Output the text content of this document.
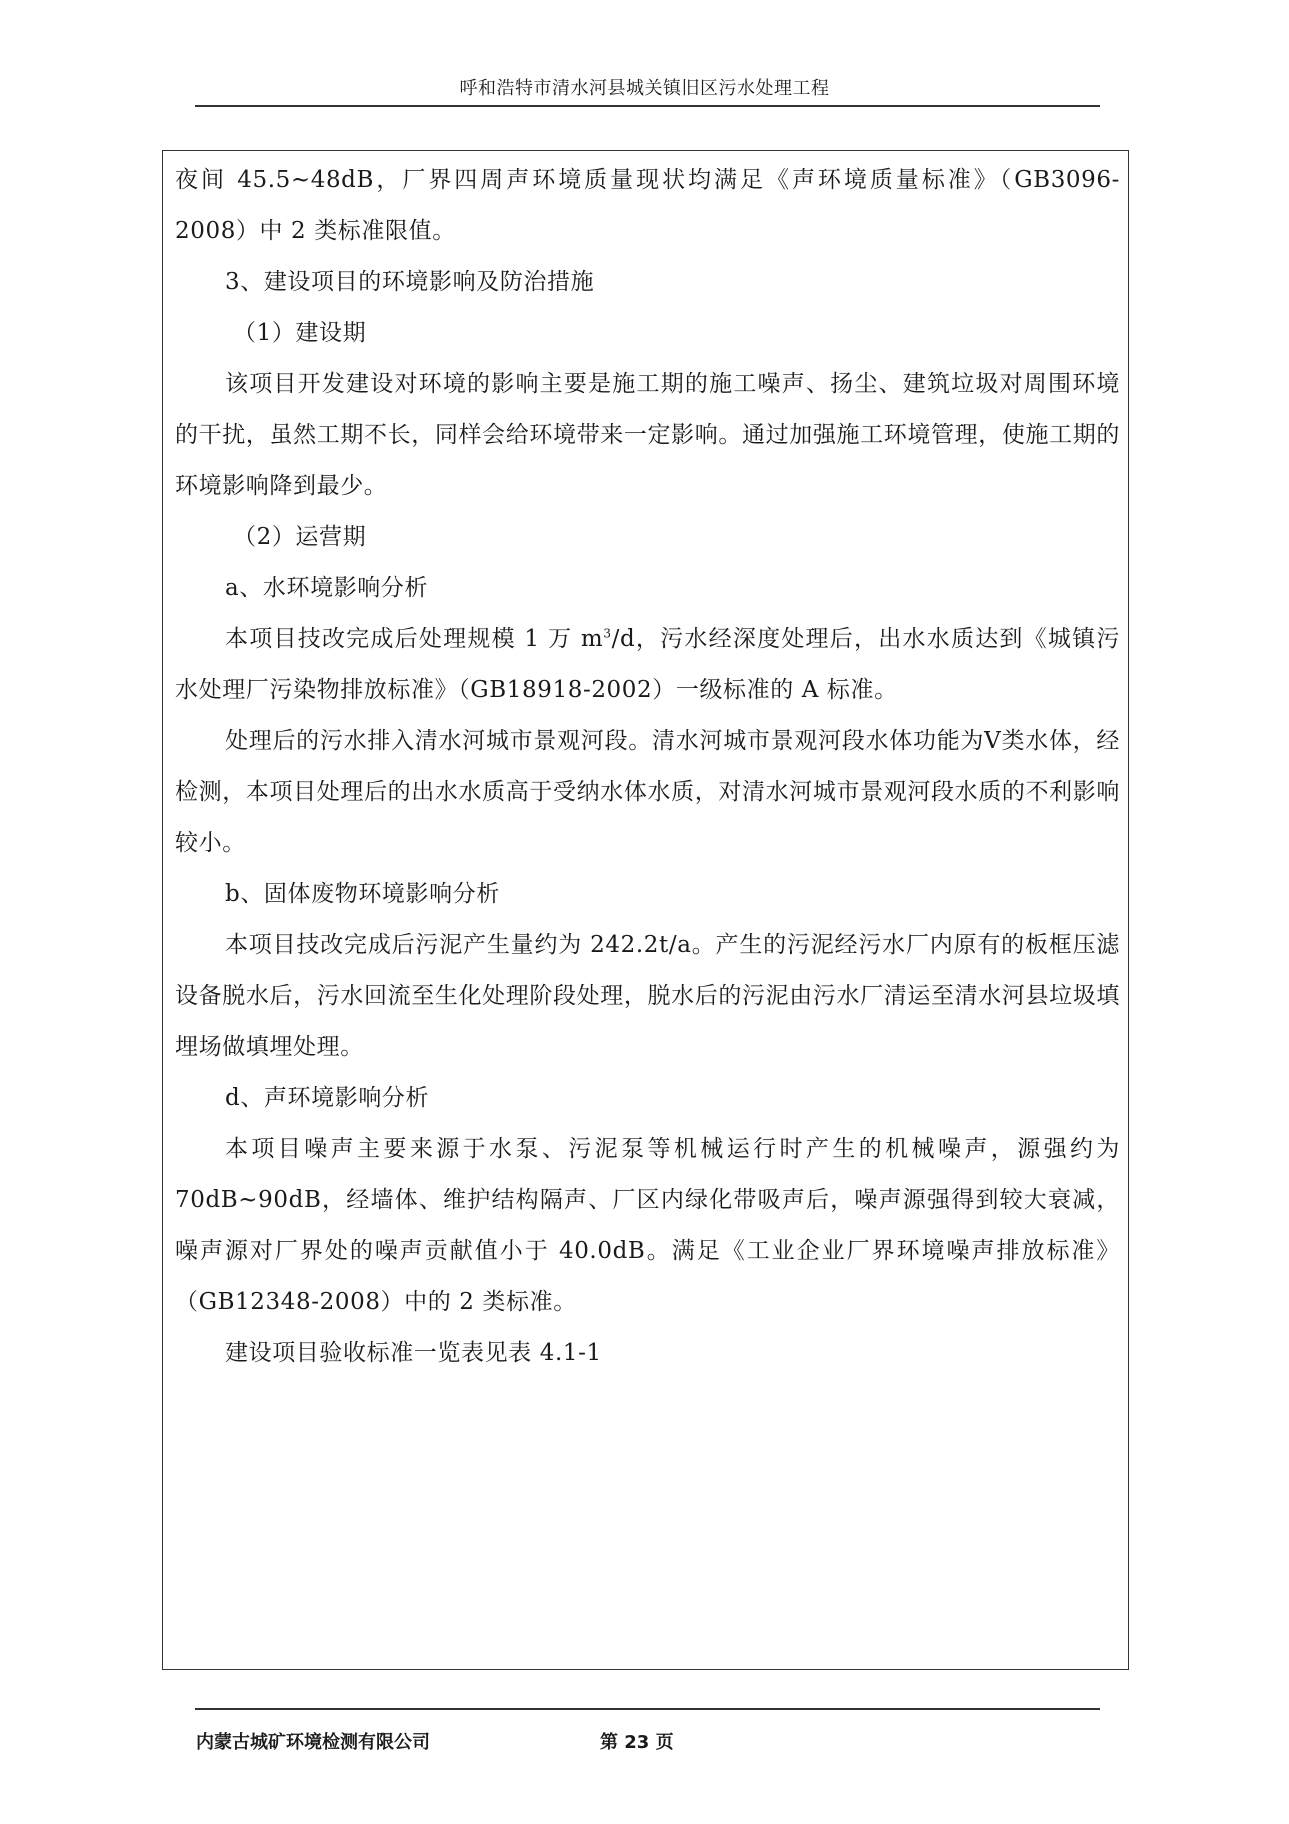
呼和浩特市清水河县城关镇旧区污水处理工程

夜间 45.5~48dB，厂界四周声环境质量现状均满足《声环境质量标准》（GB3096-2008）中 2 类标准限值。

3、建设项目的环境影响及防治措施

（1）建设期

该项目开发建设对环境的影响主要是施工期的施工噪声、扬尘、建筑垃圾对周围环境的干扰，虽然工期不长，同样会给环境带来一定影响。通过加强施工环境管理，使施工期的环境影响降到最少。

（2）运营期

a、水环境影响分析

本项目技改完成后处理规模 1 万 $m^3/d$，污水经深度处理后，出水水质达到《城镇污水处理厂污染物排放标准》（GB18918-2002）一级标准的 A 标准。

处理后的污水排入清水河城市景观河段。清水河城市景观河段水体功能为Ⅴ类水体，经检测，本项目处理后的出水水质高于受纳水体水质，对清水河城市景观河段水质的不利影响较小。

b、固体废物环境影响分析

本项目技改完成后污泥产生量约为 242.2t/a。产生的污泥经污水厂内原有的板框压滤设备脱水后，污水回流至生化处理阶段处理，脱水后的污泥由污水厂清运至清水河县垃圾填埋场做填埋处理。

d、声环境影响分析

本项目噪声主要来源于水泵、污泥泵等机械运行时产生的机械噪声，源强约为 70dB~90dB，经墙体、维护结构隔声、厂区内绿化带吸声后，噪声源强得到较大衰减，噪声源对厂界处的噪声贡献值小于 40.0dB。满足《工业企业厂界环境噪声排放标准》（GB12348-2008）中的 2 类标准。

建设项目验收标准一览表见表 4.1-1

内蒙古城矿环境检测有限公司	第 23 页
